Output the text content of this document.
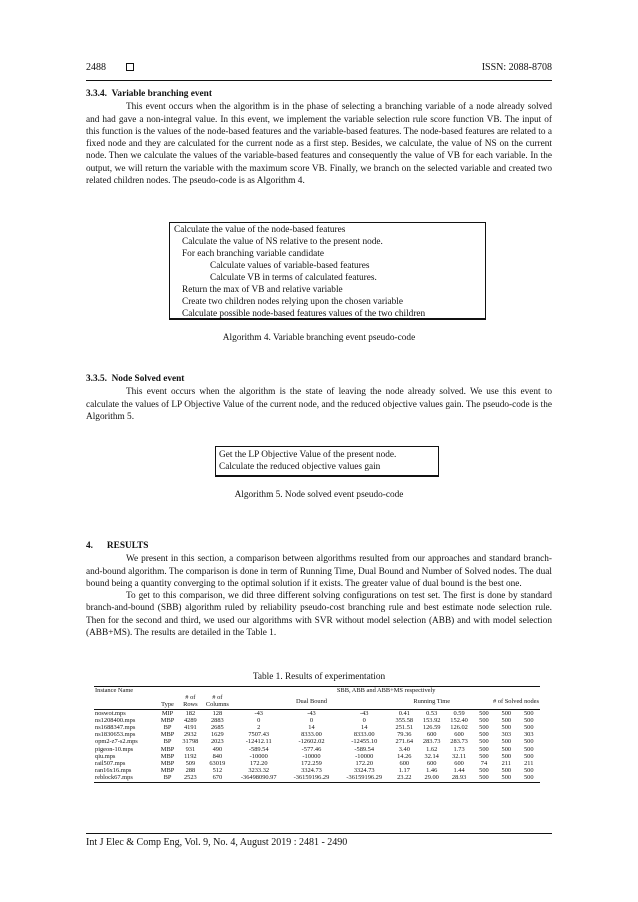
2488	ISSN: 2088-8708
3.3.4.  Variable branching event
This event occurs when the algorithm is in the phase of selecting a branching variable of a node already solved and had gave a non-integral value. In this event, we implement the variable selection rule score function VB. The input of this function is the values of the node-based features and the variable-based features. The node-based features are related to a fixed node and they are calculated for the current node as a first step. Besides, we calculate, the value of NS on the current node. Then we calculate the values of the variable-based features and consequently the value of VB for each variable. In the output, we will return the variable with the maximum score VB. Finally, we branch on the selected variable and created two related children nodes. The pseudo-code is as Algorithm 4.
Calculate the value of the node-based features
Calculate the value of NS relative to the present node.
For each branching variable candidate
Calculate values of variable-based features
Calculate VB in terms of calculated features.
Return the max of VB and relative variable
Create two children nodes relying upon the chosen variable
Calculate possible node-based features values of the two children
Algorithm 4. Variable branching event pseudo-code
3.3.5.  Node Solved event
This event occurs when the algorithm is the state of leaving the node already solved. We use this event to calculate the values of LP Objective Value of the current node, and the reduced objective values gain. The pseudo-code is the Algorithm 5.
Get the LP Objective Value of the present node.
Calculate the reduced objective values gain
Algorithm 5. Node solved event pseudo-code
4.      RESULTS
We present in this section, a comparison between algorithms resulted from our approaches and standard branch-and-bound algorithm. The comparison is done in term of Running Time, Dual Bound and Number of Solved nodes. The dual bound being a quantity converging to the optimal solution if it exists. The greater value of dual bound is the best one.
To get to this comparison, we did three different solving configurations on test set. The first is done by standard branch-and-bound (SBB) algorithm ruled by reliability pseudo-cost branching rule and best estimate node selection rule. Then for the second and third, we used our algorithms with SVR without model selection (ABB) and with model selection (ABB+MS). The results are detailed in the Table 1.
Table 1. Results of experimentation
Instance Name				SBB, ABB and ABB+MS respectively								
	Type	# of Rows	# of Columns	Dual Bound			Running Time			# of Solved nodes		
noswot.mps	MIP	182	128	-43	-43	-43	0.41	0.53	0.59	500	500	500
ns1208400.mps	MBP	4289	2883	0	0	0	355.58	153.92	152.40	500	500	500
ns1688347.mps	BP	4191	2685	2	14	14	251.51	126.59	126.02	500	500	500
ns1830653.mps	MBP	2932	1629	7507.43	8333.00	8333.00	79.36	600	600	500	303	303
opm2-z7-s2.mps	BP	31798	2023	-12412.11	-12602.02	-12455.10	271.64	283.73	283.73	500	500	500
pigeon-10.mps	MBP	931	490	-589.54	-577.46	-589.54	3.40	1.62	1.73	500	500	500
qiu.mps	MBP	1192	840	-10000	-10000	-10000	14.26	32.14	32.11	500	500	500
rail507.mps	MBP	509	63019	172.20	172.259	172.20	600	600	600	74	211	211
ran16x16.mps	MBP	288	512	3233.32	3324.73	3324.73	1.17	1.46	1.44	500	500	500
reblock67.mps	BP	2523	670	-36498090.97	-36159196.29	-36159196.29	23.22	29.00	28.93	500	500	500
Int J Elec & Comp Eng, Vol. 9, No. 4, August 2019 : 2481 - 2490
